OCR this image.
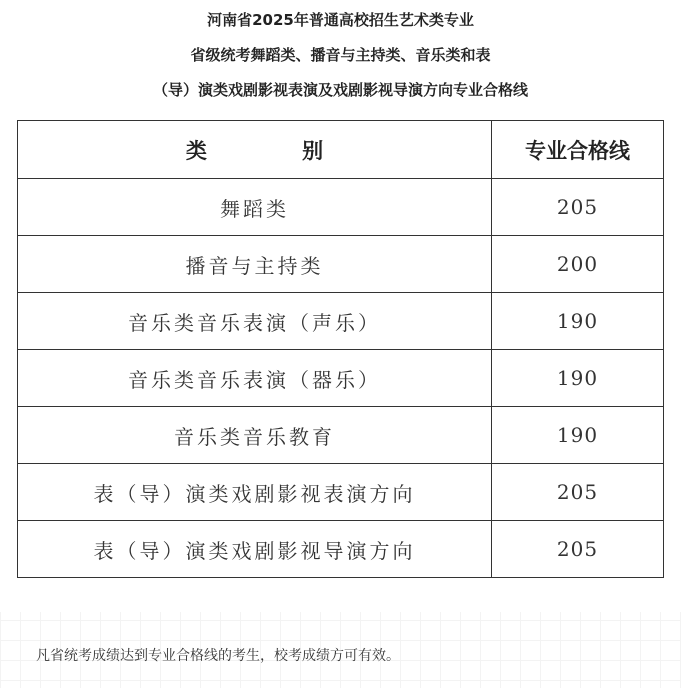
河南省2025年普通高校招生艺术类专业
省级统考舞蹈类、播音与主持类、音乐类和表
（导）演类戏剧影视表演及戏剧影视导演方向专业合格线
类 别	专业合格线
舞蹈类	205
播音与主持类	200
音乐类音乐表演（声乐）	190
音乐类音乐表演（器乐）	190
音乐类音乐教育	190
表（导）演类戏剧影视表演方向	205
表（导）演类戏剧影视导演方向	205
凡省统考成绩达到专业合格线的考生，校考成绩方可有效。
